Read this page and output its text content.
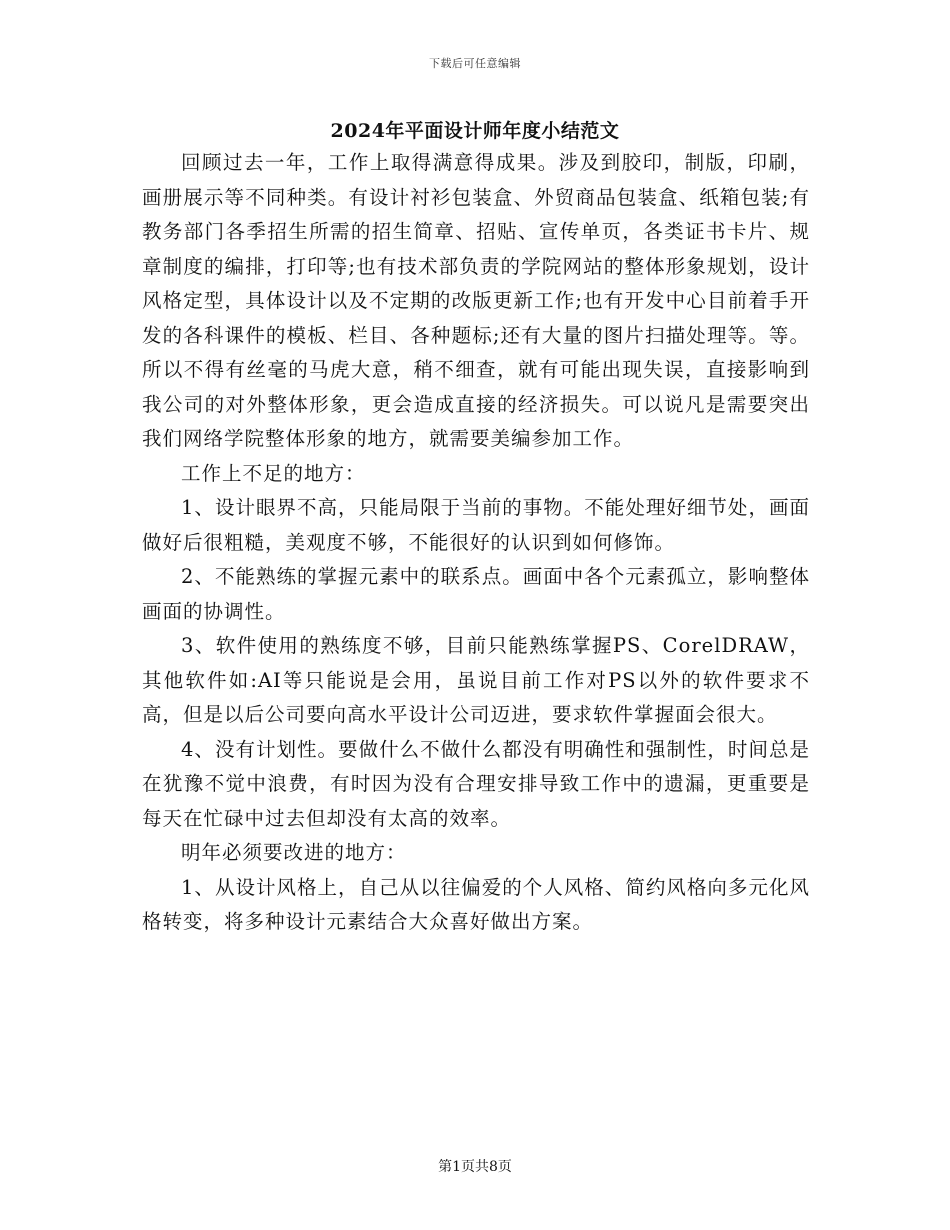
下载后可任意编辑
2024年平面设计师年度小结范文

回顾过去一年，工作上取得满意得成果。涉及到胶印，制版，印刷，画册展示等不同种类。有设计衬衫包装盒、外贸商品包装盒、纸箱包装;有教务部门各季招生所需的招生简章、招贴、宣传单页，各类证书卡片、规章制度的编排，打印等;也有技术部负责的学院网站的整体形象规划，设计风格定型，具体设计以及不定期的改版更新工作;也有开发中心目前着手开发的各科课件的模板、栏目、各种题标;还有大量的图片扫描处理等。等。所以不得有丝毫的马虎大意，稍不细查，就有可能出现失误，直接影响到我公司的对外整体形象，更会造成直接的经济损失。可以说凡是需要突出我们网络学院整体形象的地方，就需要美编参加工作。

工作上不足的地方：

1、设计眼界不高，只能局限于当前的事物。不能处理好细节处，画面做好后很粗糙，美观度不够，不能很好的认识到如何修饰。

2、不能熟练的掌握元素中的联系点。画面中各个元素孤立，影响整体画面的协调性。

3、软件使用的熟练度不够，目前只能熟练掌握PS、CorelDRAW，其他软件如:AI等只能说是会用，虽说目前工作对PS以外的软件要求不高，但是以后公司要向高水平设计公司迈进，要求软件掌握面会很大。

4、没有计划性。要做什么不做什么都没有明确性和强制性，时间总是在犹豫不觉中浪费，有时因为没有合理安排导致工作中的遗漏，更重要是每天在忙碌中过去但却没有太高的效率。

明年必须要改进的地方：

1、从设计风格上，自己从以往偏爱的个人风格、简约风格向多元化风格转变，将多种设计元素结合大众喜好做出方案。

第1页共8页
